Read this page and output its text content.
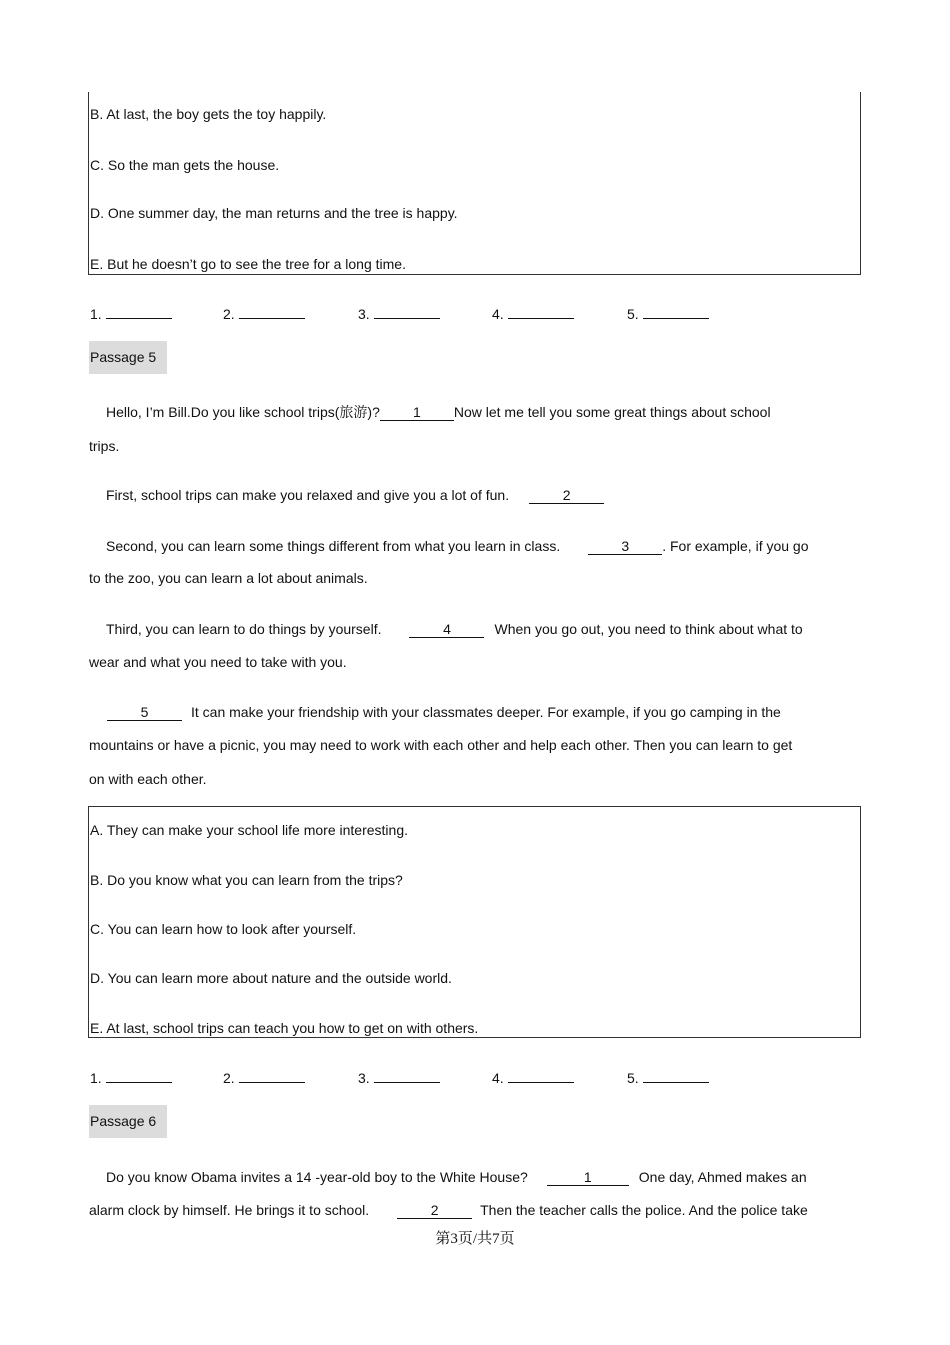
B. At last, the boy gets the toy happily.
C. So the man gets the house.
D. One summer day, the man returns and the tree is happy.
E. But he doesn’t go to see the tree for a long time.
1.	2.	3.	4.	5.
Passage 5
Hello, I’m Bill.Do you like school trips(旅游)? 1 Now let me tell you some great things about school
trips.
First, school trips can make you relaxed and give you a lot of fun.	2
Second, you can learn some things different from what you learn in class.	3 . For example, if you go
to the zoo, you can learn a lot about animals.
Third, you can learn to do things by yourself.	4	When you go out, you need to think about what to
wear and what you need to take with you.
5	It can make your friendship with your classmates deeper. For example, if you go camping in the
mountains or have a picnic, you may need to work with each other and help each other. Then you can learn to get
on with each other.
A. They can make your school life more interesting.
B. Do you know what you can learn from the trips?
C. You can learn how to look after yourself.
D. You can learn more about nature and the outside world.
E. At last, school trips can teach you how to get on with others.
1.	2.	3.	4.	5.
Passage 6
Do you know Obama invites a 14 -year-old boy to the White House?	1	One day, Ahmed makes an
alarm clock by himself. He brings it to school.	2	Then the teacher calls the police. And the police take
第3页/共7页
